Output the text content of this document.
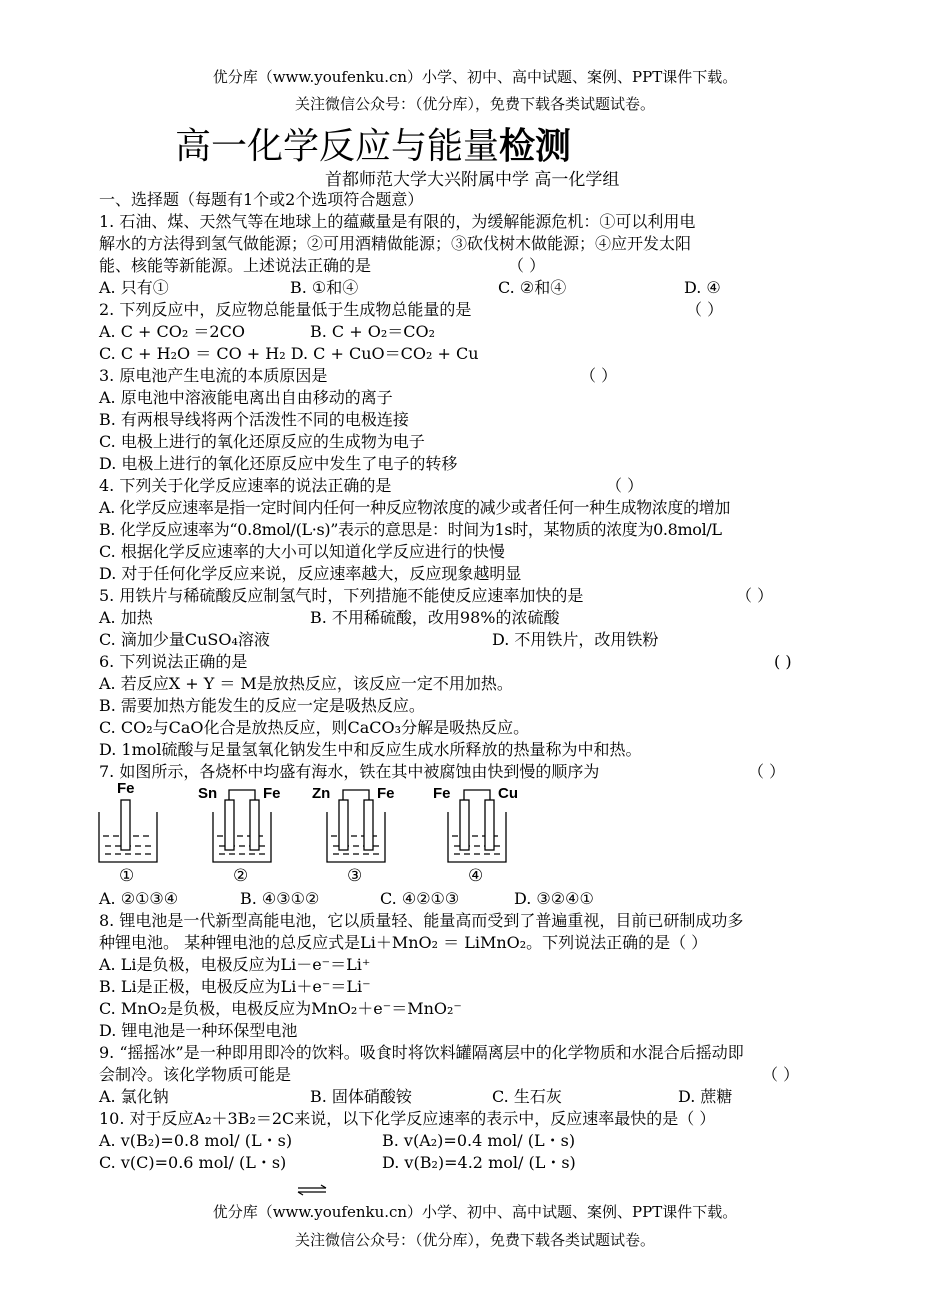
优分库（www.youfenku.cn）小学、初中、高中试题、案例、PPT课件下载。
关注微信公众号：（优分库），免费下载各类试题试卷。
高一化学反应与能量检测
首都师范大学大兴附属中学 高一化学组
一、选择题（每题有1个或2个选项符合题意）
1. 石油、煤、天然气等在地球上的蕴藏量是有限的，为缓解能源危机：①可以利用电
解水的方法得到氢气做能源；②可用酒精做能源；③砍伐树木做能源；④应开发太阳
能、核能等新能源。上述说法正确的是	（ ）
A. 只有①	B. ①和④	C. ②和④	D. ④
2. 下列反应中，反应物总能量低于生成物总能量的是	（ ）
A. C + CO₂ ＝2CO	B. C + O₂＝CO₂
C. C + H₂O ＝ CO + H₂ D. C + CuO＝CO₂ + Cu
3. 原电池产生电流的本质原因是	（ ）
A. 原电池中溶液能电离出自由移动的离子
B. 有两根导线将两个活泼性不同的电极连接
C. 电极上进行的氧化还原反应的生成物为电子
D. 电极上进行的氧化还原反应中发生了电子的转移
4. 下列关于化学反应速率的说法正确的是	（ ）
A. 化学反应速率是指一定时间内任何一种反应物浓度的减少或者任何一种生成物浓度的增加
B. 化学反应速率为“0.8mol/(L·s)”表示的意思是：时间为1s时，某物质的浓度为0.8mol/L
C. 根据化学反应速率的大小可以知道化学反应进行的快慢
D. 对于任何化学反应来说，反应速率越大，反应现象越明显
5. 用铁片与稀硫酸反应制氢气时，下列措施不能使反应速率加快的是	（ ）
A. 加热	B. 不用稀硫酸，改用98%的浓硫酸
C. 滴加少量CuSO₄溶液	D. 不用铁片，改用铁粉
6. 下列说法正确的是	( )
A. 若反应X + Y ＝ M是放热反应，该反应一定不用加热。
B. 需要加热方能发生的反应一定是吸热反应。
C. CO₂与CaO化合是放热反应，则CaCO₃分解是吸热反应。
D. 1mol硫酸与足量氢氧化钠发生中和反应生成水所释放的热量称为中和热。
7. 如图所示，各烧杯中均盛有海水，铁在其中被腐蚀由快到慢的顺序为	（ ）
Fe	Sn	Fe Zn	Fe	Fe	Cu
①	②	③	④
A. ②①③④	B. ④③①②	C. ④②①③	D. ③②④①
8. 锂电池是一代新型高能电池，它以质量轻、能量高而受到了普遍重视，目前已研制成功多
种锂电池。 某种锂电池的总反应式是Li＋MnO₂ ＝ LiMnO₂。下列说法正确的是（ ）
A. Li是负极，电极反应为Li－e⁻＝Li⁺
B. Li是正极，电极反应为Li＋e⁻＝Li⁻
C. MnO₂是负极，电极反应为MnO₂＋e⁻＝MnO₂⁻
D. 锂电池是一种环保型电池
9. “摇摇冰”是一种即用即冷的饮料。吸食时将饮料罐隔离层中的化学物质和水混合后摇动即
会制冷。该化学物质可能是	（ ）
A. 氯化钠	B. 固体硝酸铵	C. 生石灰	D. 蔗糖
10. 对于反应A₂＋3B₂＝2C来说，以下化学反应速率的表示中，反应速率最快的是（ ）
A. v(B₂)=0.8 mol/ (L・s)	B. v(A₂)=0.4 mol/ (L・s)
C. v(C)=0.6 mol/ (L・s)	D. v(B₂)=4.2 mol/ (L・s)
优分库（www.youfenku.cn）小学、初中、高中试题、案例、PPT课件下载。
关注微信公众号：（优分库），免费下载各类试题试卷。
